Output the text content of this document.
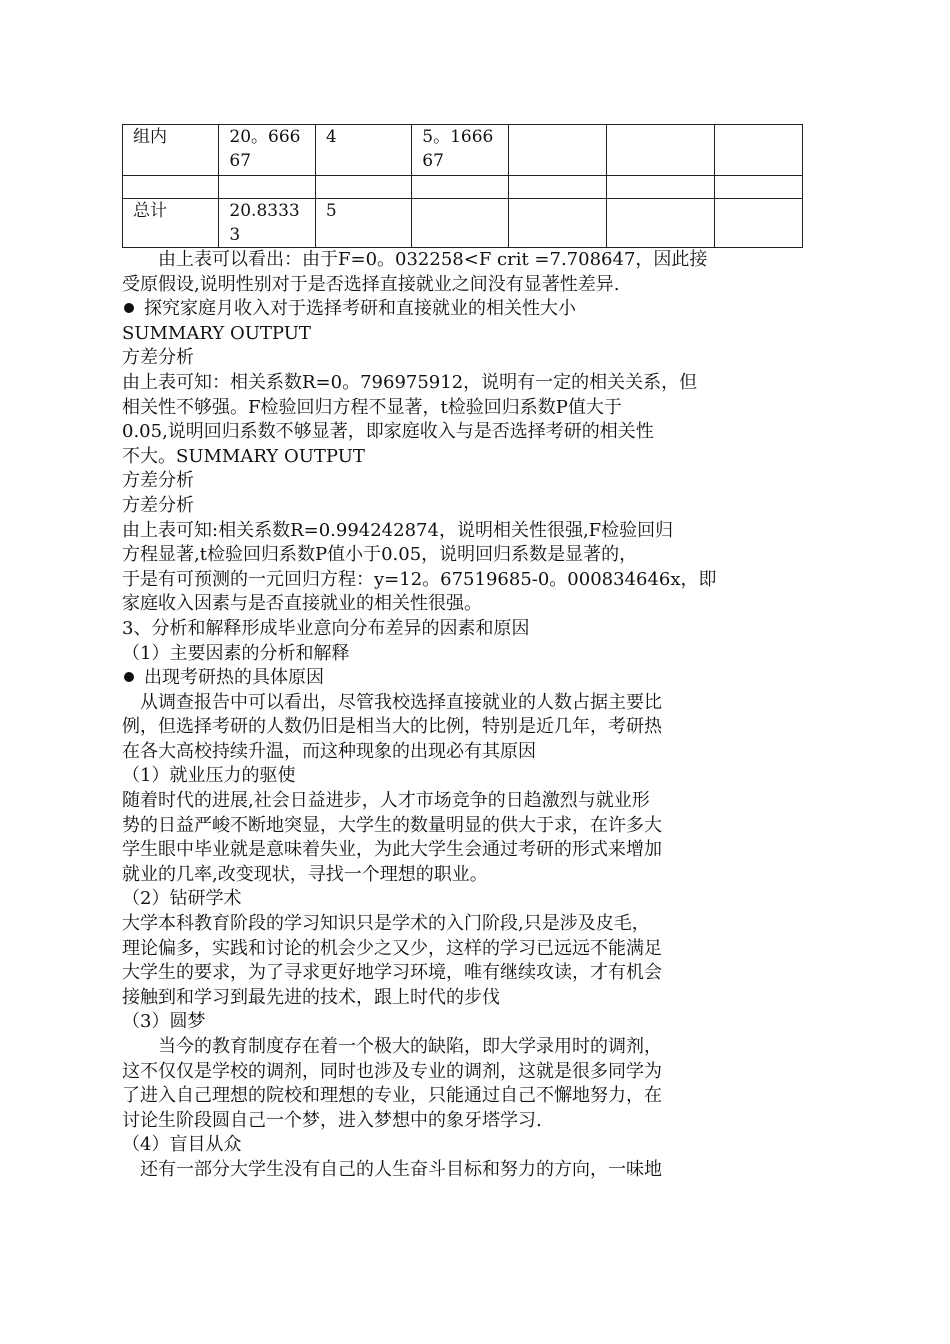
组内	20。66667	4	5。166667			

总计	20.83333	5				
　　由上表可以看出：由于F=0。032258<F crit =7.708647，因此接
受原假设,说明性别对于是否选择直接就业之间没有显著性差异.
探究家庭月收入对于选择考研和直接就业的相关性大小
SUMMARY OUTPUT
方差分析
由上表可知：相关系数R=0。796975912，说明有一定的相关关系，但
相关性不够强。F检验回归方程不显著，t检验回归系数P值大于
0.05,说明回归系数不够显著，即家庭收入与是否选择考研的相关性
不大。SUMMARY OUTPUT
方差分析
方差分析
由上表可知:相关系数R=0.994242874，说明相关性很强,F检验回归
方程显著,t检验回归系数P值小于0.05，说明回归系数是显著的，
于是有可预测的一元回归方程：y=12。67519685-0。000834646x，即
家庭收入因素与是否直接就业的相关性很强。
3、分析和解释形成毕业意向分布差异的因素和原因
（1）主要因素的分析和解释
出现考研热的具体原因
　从调查报告中可以看出，尽管我校选择直接就业的人数占据主要比
例，但选择考研的人数仍旧是相当大的比例，特别是近几年，考研热
在各大高校持续升温，而这种现象的出现必有其原因
（1）就业压力的驱使
随着时代的进展,社会日益进步，人才市场竞争的日趋激烈与就业形
势的日益严峻不断地突显，大学生的数量明显的供大于求，在许多大
学生眼中毕业就是意味着失业，为此大学生会通过考研的形式来增加
就业的几率,改变现状，寻找一个理想的职业。
（2）钻研学术
大学本科教育阶段的学习知识只是学术的入门阶段,只是涉及皮毛，
理论偏多，实践和讨论的机会少之又少，这样的学习已远远不能满足
大学生的要求，为了寻求更好地学习环境，唯有继续攻读，才有机会
接触到和学习到最先进的技术，跟上时代的步伐
（3）圆梦
　　当今的教育制度存在着一个极大的缺陷，即大学录用时的调剂，
这不仅仅是学校的调剂，同时也涉及专业的调剂，这就是很多同学为
了进入自己理想的院校和理想的专业，只能通过自己不懈地努力，在
讨论生阶段圆自己一个梦，进入梦想中的象牙塔学习.
（4）盲目从众
　还有一部分大学生没有自己的人生奋斗目标和努力的方向，一味地
